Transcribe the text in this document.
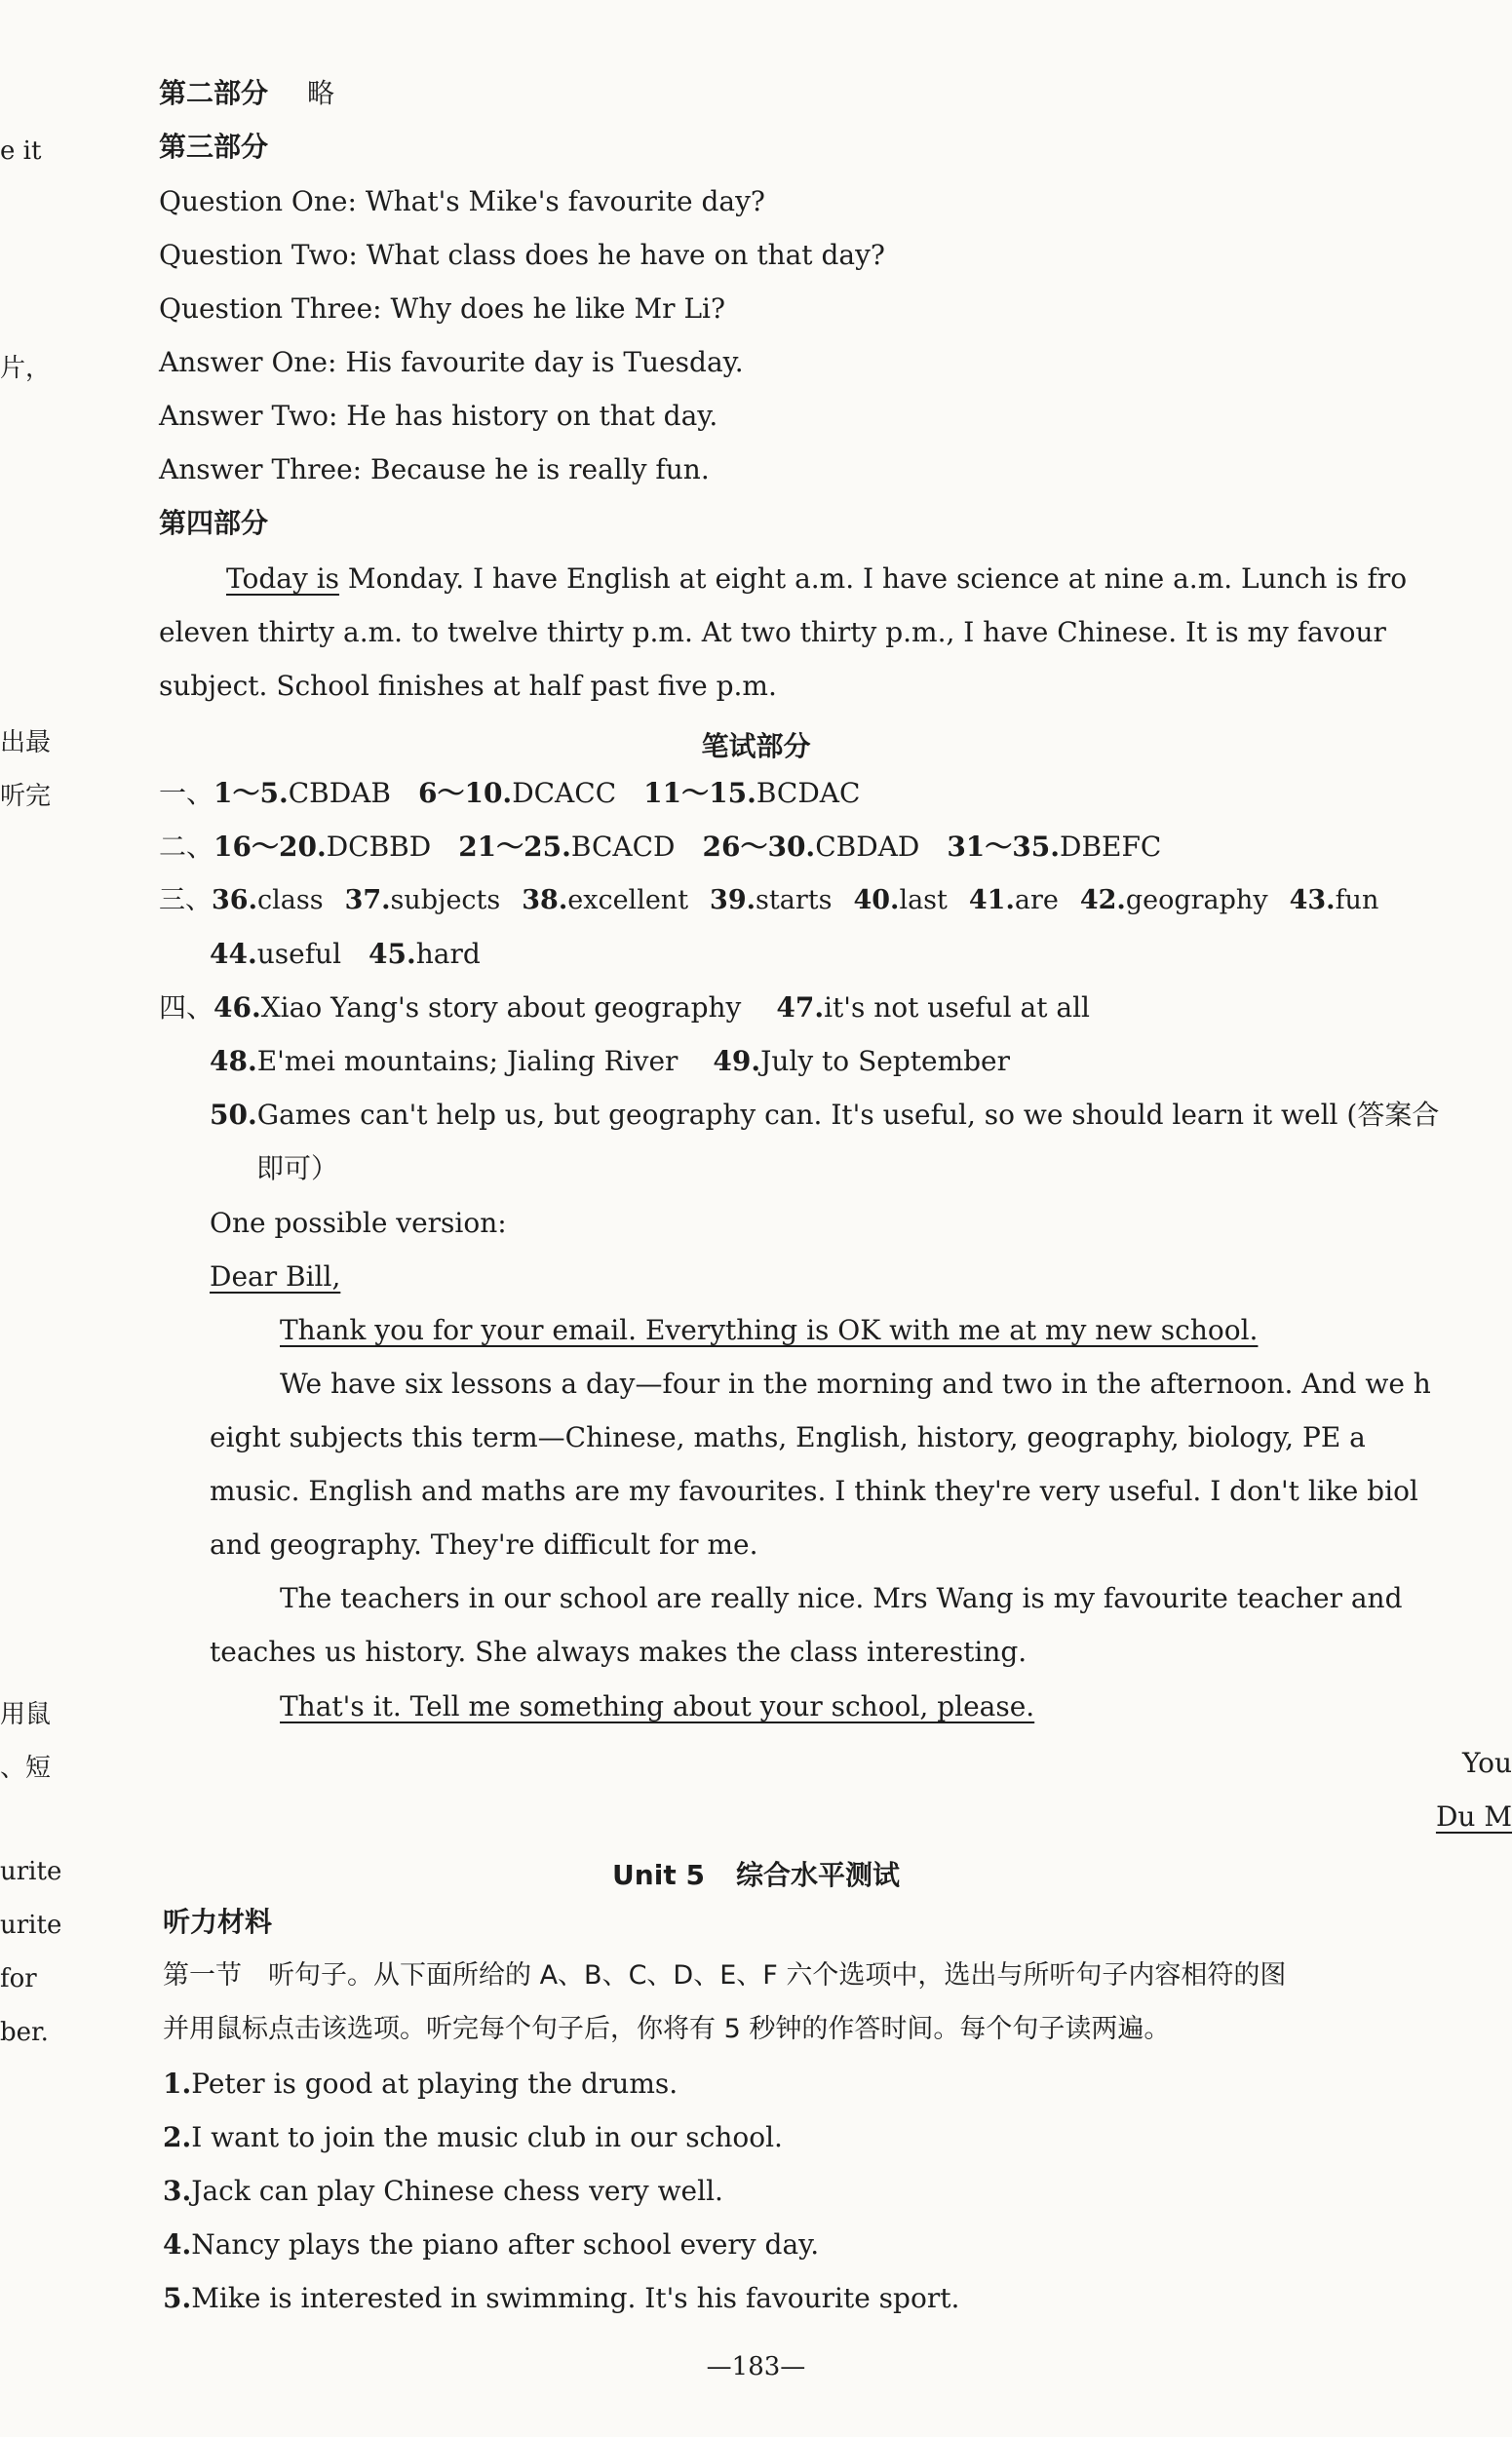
e it
片，
出最
听完
用鼠
、短
urite
urite
for
ber.
第二部分 略
第三部分
Question One: What's Mike's favourite day?
Question Two: What class does he have on that day?
Question Three: Why does he like Mr Li?
Answer One: His favourite day is Tuesday.
Answer Two: He has history on that day.
Answer Three: Because he is really fun.
第四部分
Today is Monday. I have English at eight a.m. I have science at nine a.m. Lunch is fro
eleven thirty a.m. to twelve thirty p.m. At two thirty p.m., I have Chinese. It is my favour
subject. School finishes at half past five p.m.
笔试部分
一、1～5.CBDAB 6～10.DCACC 11～15.BCDAC
二、16～20.DCBBD 21～25.BCACD 26～30.CBDAD 31～35.DBEFC
三、36.class 37.subjects 38.excellent 39.starts 40.last 41.are 42.geography 43.fun
44.useful 45.hard
四、46.Xiao Yang's story about geography 47.it's not useful at all
48.E'mei mountains; Jialing River 49.July to September
50.Games can't help us, but geography can. It's useful, so we should learn it well (答案合
即可）
One possible version:
Dear Bill,
Thank you for your email. Everything is OK with me at my new school.
We have six lessons a day—four in the morning and two in the afternoon. And we h
eight subjects this term—Chinese, maths, English, history, geography, biology, PE a
music. English and maths are my favourites. I think they're very useful. I don't like biol
and geography. They're difficult for me.
The teachers in our school are really nice. Mrs Wang is my favourite teacher and
teaches us history. She always makes the class interesting.
That's it. Tell me something about your school, please.
You
Du M
Unit 5 综合水平测试
听力材料
第一节　听句子。从下面所给的 A、B、C、D、E、F 六个选项中，选出与所听句子内容相符的图
并用鼠标点击该选项。听完每个句子后，你将有 5 秒钟的作答时间。每个句子读两遍。
1.Peter is good at playing the drums.
2.I want to join the music club in our school.
3.Jack can play Chinese chess very well.
4.Nancy plays the piano after school every day.
5.Mike is interested in swimming. It's his favourite sport.
—183—
